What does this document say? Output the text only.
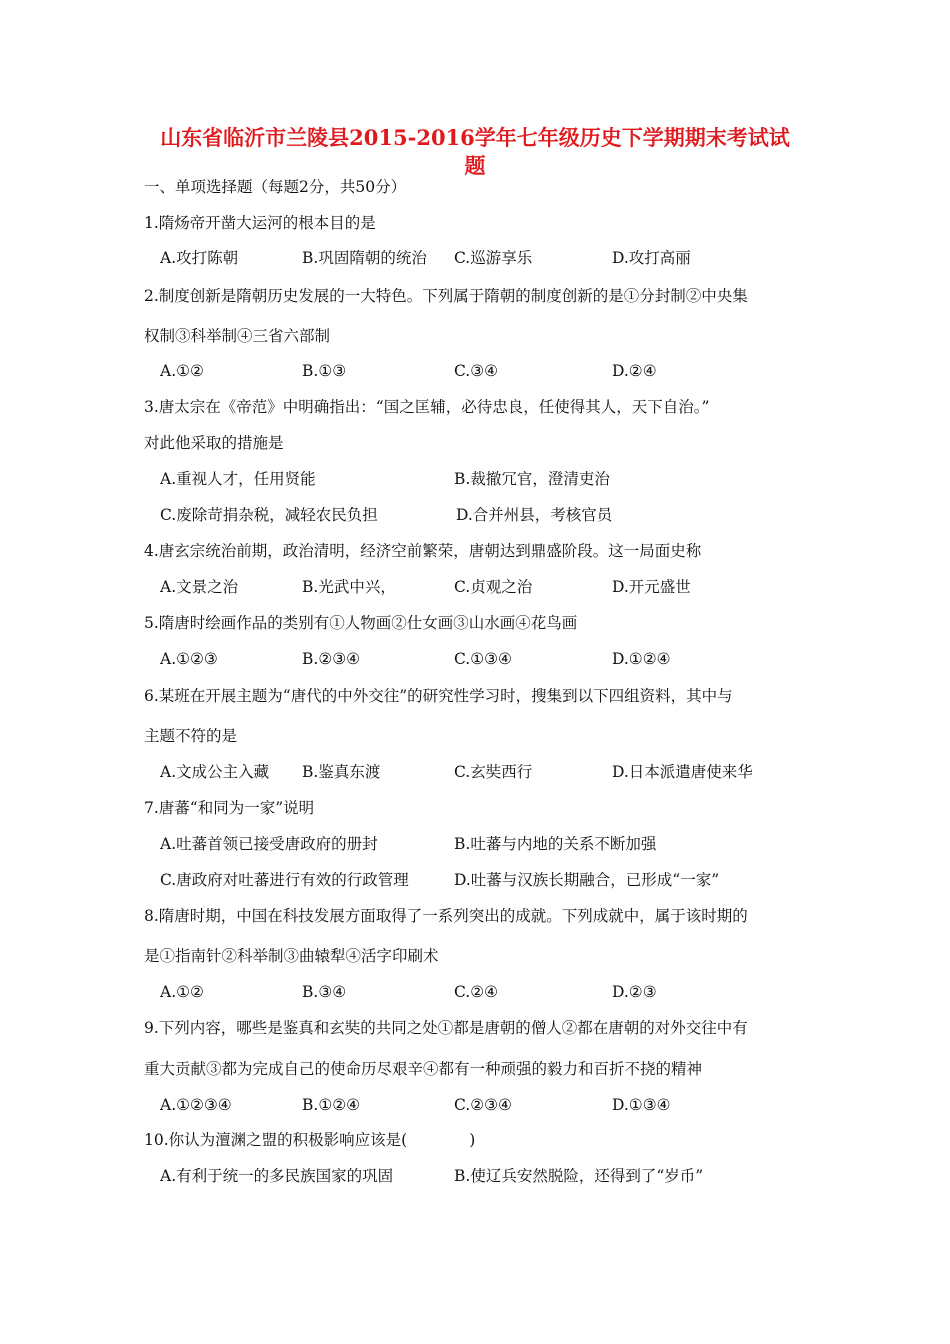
山东省临沂市兰陵县2015-2016学年七年级历史下学期期末考试试
题
一、单项选择题（每题2分，共50分）
1.隋炀帝开凿大运河的根本目的是
A.攻打陈朝	B.巩固隋朝的统治 C.巡游享乐	D.攻打高丽
2.制度创新是隋朝历史发展的一大特色。下列属于隋朝的制度创新的是①分封制②中央集
权制③科举制④三省六部制
A.①②	B.①③	C.③④	D.②④
3.唐太宗在《帝范》中明确指出：“国之匡辅，必待忠良，任使得其人，天下自治。”
对此他采取的措施是
A.重视人才，任用贤能	B.裁撤冗官，澄清吏治
C.废除苛捐杂税，减轻农民负担	D.合并州县，考核官员
4.唐玄宗统治前期，政治清明，经济空前繁荣，唐朝达到鼎盛阶段。这一局面史称
A.文景之治	B.光武中兴，	C.贞观之治	D.开元盛世
5.隋唐时绘画作品的类别有①人物画②仕女画③山水画④花鸟画
A.①②③	B.②③④	C.①③④	D.①②④
6.某班在开展主题为“唐代的中外交往”的研究性学习时，搜集到以下四组资料，其中与
主题不符的是
A.文成公主入藏 B.鉴真东渡	C.玄奘西行	D.日本派遣唐使来华
7.唐蕃“和同为一家”说明
A.吐蕃首领已接受唐政府的册封	B.吐蕃与内地的关系不断加强
C.唐政府对吐蕃进行有效的行政管理	D.吐蕃与汉族长期融合，已形成“一家”
8.隋唐时期，中国在科技发展方面取得了一系列突出的成就。下列成就中，属于该时期的
是①指南针②科举制③曲辕犁④活字印刷术
A.①②	B.③④	C.②④	D.②③
9.下列内容，哪些是鉴真和玄奘的共同之处①都是唐朝的僧人②都在唐朝的对外交往中有
重大贡献③都为完成自己的使命历尽艰辛④都有一种顽强的毅力和百折不挠的精神
A.①②③④	B.①②④	C.②③④	D.①③④
10.你认为澶渊之盟的积极影响应该是(　　　　)
A.有利于统一的多民族国家的巩固	B.使辽兵安然脱险，还得到了“岁币”
